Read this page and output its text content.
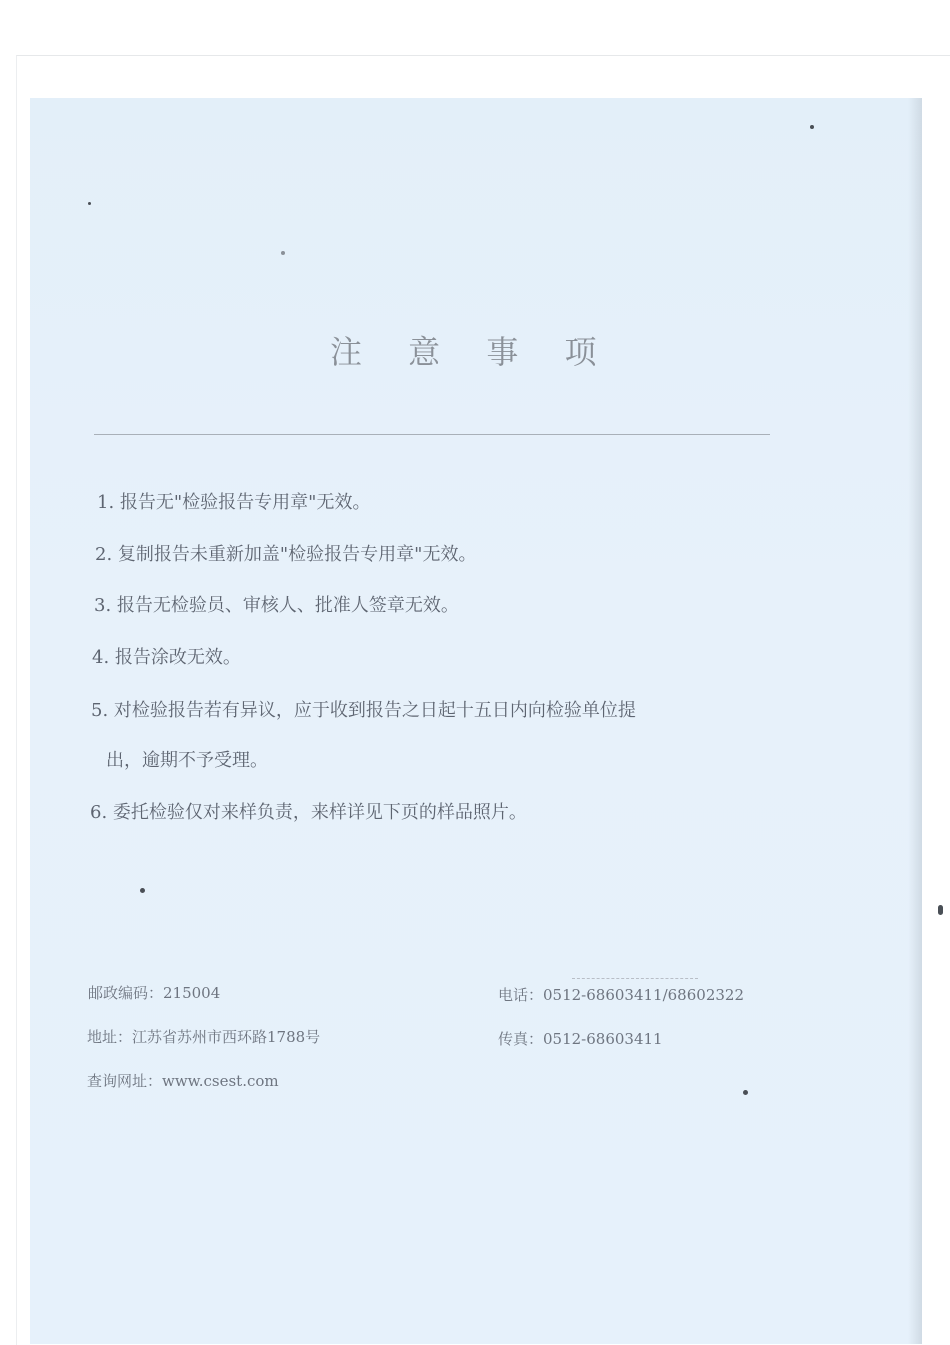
注 意 事 项
1. 报告无"检验报告专用章"无效。
2. 复制报告未重新加盖"检验报告专用章"无效。
3. 报告无检验员、审核人、批准人签章无效。
4. 报告涂改无效。
5. 对检验报告若有异议，应于收到报告之日起十五日内向检验单位提
出，逾期不予受理。
6. 委托检验仅对来样负责，来样详见下页的样品照片。
邮政编码：215004	电话：0512-68603411/68602322
地址：江苏省苏州市西环路1788号	传真：0512-68603411
查询网址：www.csest.com
